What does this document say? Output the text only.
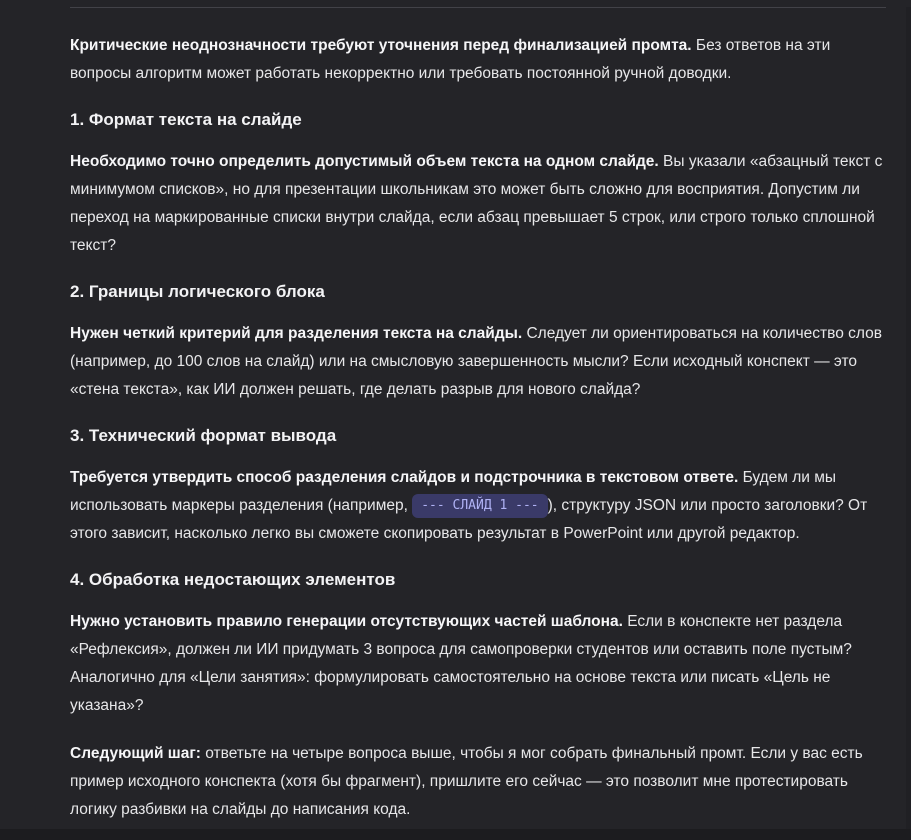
Критические неоднозначности требуют уточнения перед финализацией промта. Без ответов на эти вопросы алгоритм может работать некорректно или требовать постоянной ручной доводки.

1. Формат текста на слайде

Необходимо точно определить допустимый объем текста на одном слайде. Вы указали «абзацный текст с минимумом списков», но для презентации школьникам это может быть сложно для восприятия. Допустим ли переход на маркированные списки внутри слайда, если абзац превышает 5 строк, или строго только сплошной текст?

2. Границы логического блока

Нужен четкий критерий для разделения текста на слайды. Следует ли ориентироваться на количество слов (например, до 100 слов на слайд) или на смысловую завершенность мысли? Если исходный конспект — это «стена текста», как ИИ должен решать, где делать разрыв для нового слайда?

3. Технический формат вывода

Требуется утвердить способ разделения слайдов и подстрочника в текстовом ответе. Будем ли мы использовать маркеры разделения (например, --- СЛАЙД 1 --- ), структуру JSON или просто заголовки? От этого зависит, насколько легко вы сможете скопировать результат в PowerPoint или другой редактор.

4. Обработка недостающих элементов

Нужно установить правило генерации отсутствующих частей шаблона. Если в конспекте нет раздела «Рефлексия», должен ли ИИ придумать 3 вопроса для самопроверки студентов или оставить поле пустым? Аналогично для «Цели занятия»: формулировать самостоятельно на основе текста или писать «Цель не указана»?

Следующий шаг: ответьте на четыре вопроса выше, чтобы я мог собрать финальный промт. Если у вас есть пример исходного конспекта (хотя бы фрагмент), пришлите его сейчас — это позволит мне протестировать логику разбивки на слайды до написания кода.
